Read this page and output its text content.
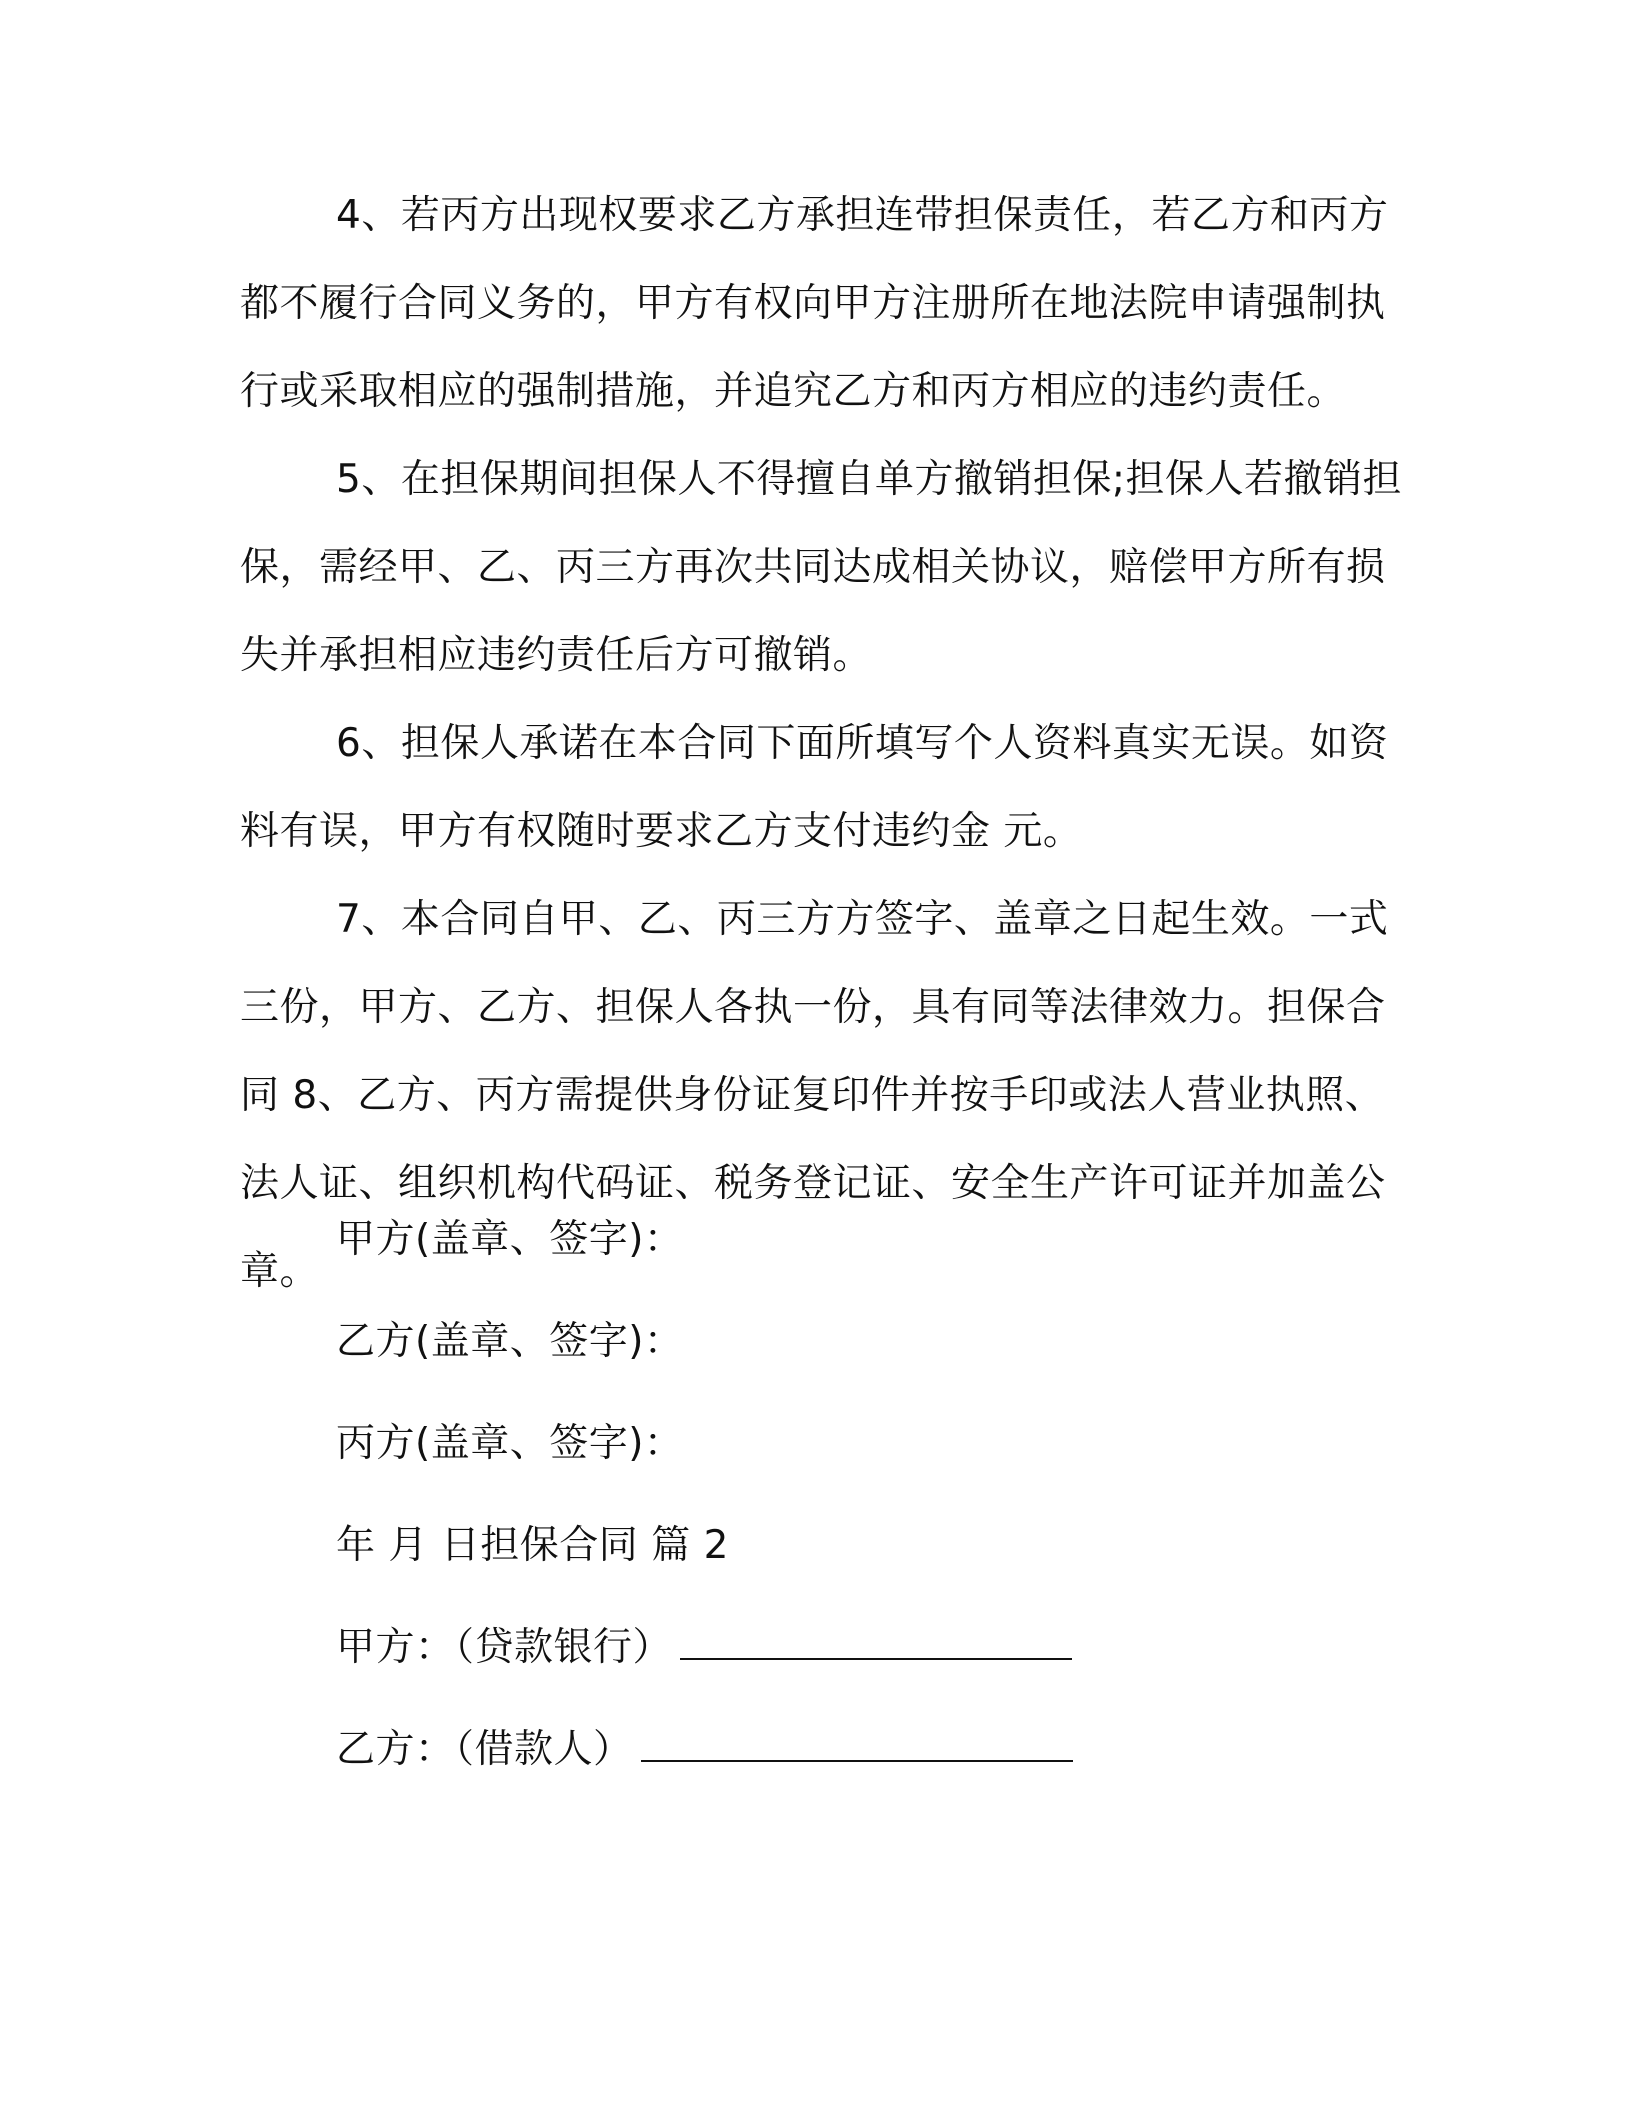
4、若丙方出现权要求乙方承担连带担保责任，若乙方和丙方都不履行合同义务的，甲方有权向甲方注册所在地法院申请强制执行或采取相应的强制措施，并追究乙方和丙方相应的违约责任。

5、在担保期间担保人不得擅自单方撤销担保;担保人若撤销担保，需经甲、乙、丙三方再次共同达成相关协议，赔偿甲方所有损失并承担相应违约责任后方可撤销。

6、担保人承诺在本合同下面所填写个人资料真实无误。如资料有误，甲方有权随时要求乙方支付违约金 元。

7、本合同自甲、乙、丙三方方签字、盖章之日起生效。一式三份，甲方、乙方、担保人各执一份，具有同等法律效力。担保合同 8、乙方、丙方需提供身份证复印件并按手印或法人营业执照、法人证、组织机构代码证、税务登记证、安全生产许可证并加盖公章。

甲方(盖章、签字)：

乙方(盖章、签字)：

丙方(盖章、签字)：

年 月 日担保合同 篇 2

甲方：（贷款银行）

乙方：（借款人）
